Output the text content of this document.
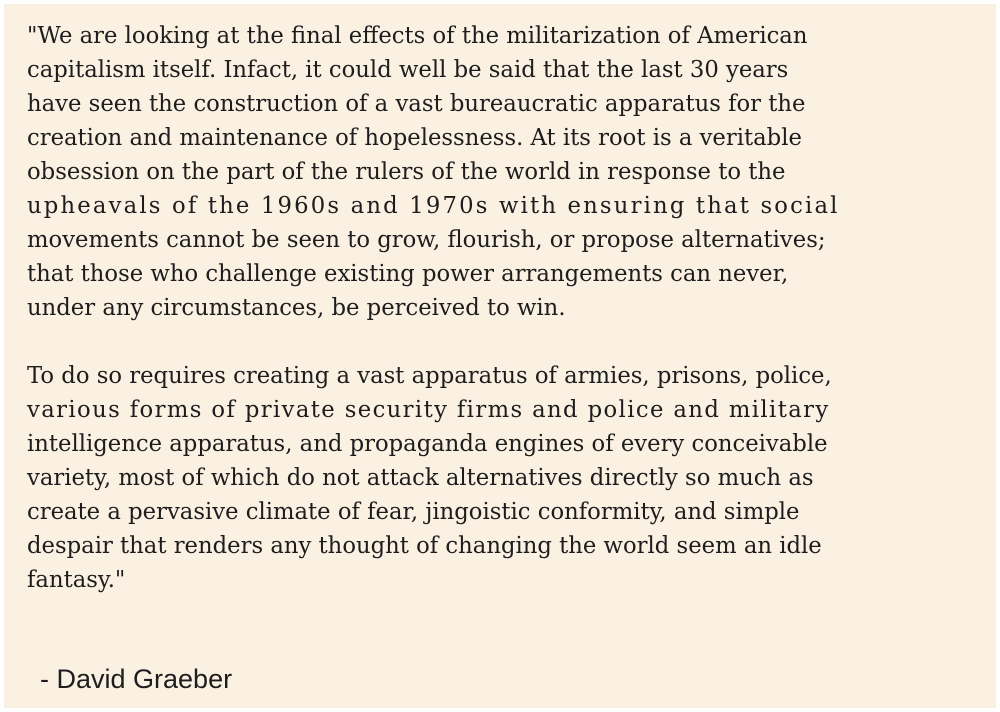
"We are looking at the final effects of the militarization of American
capitalism itself. Infact, it could well be said that the last 30 years
have seen the construction of a vast bureaucratic apparatus for the
creation and maintenance of hopelessness. At its root is a veritable
obsession on the part of the rulers of the world in response to the
upheavals of the 1960s and 1970s with ensuring that social
movements cannot be seen to grow, flourish, or propose alternatives;
that those who challenge existing power arrangements can never,
under any circumstances, be perceived to win.

To do so requires creating a vast apparatus of armies, prisons, police,
various forms of private security firms and police and military
intelligence apparatus, and propaganda engines of every conceivable
variety, most of which do not attack alternatives directly so much as
create a pervasive climate of fear, jingoistic conformity, and simple
despair that renders any thought of changing the world seem an idle
fantasy."

- David Graeber
